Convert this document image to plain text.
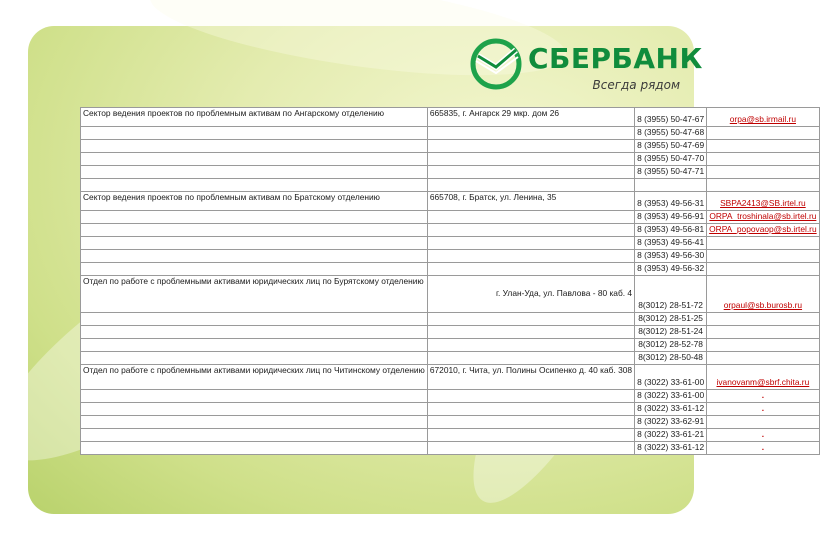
СБЕРБАНК
Всегда рядом
Сектор ведения проектов по проблемным активам по Ангарскому отделению	665835, г. Ангарск 29 мкр. дом 26	8 (3955) 50-47-67	orpa@sb.irmail.ru

		8 (3955) 50-47-68	
		8 (3955) 50-47-69	
		8 (3955) 50-47-70	
		8 (3955) 50-47-71	

Сектор ведения проектов по проблемным активам по Братскому отделению	665708, г. Братск, ул. Ленина, 35	8 (3953) 49-56-31	SBPA2413@SB.irtel.ru

		8 (3953) 49-56-91	ORPA_troshinala@sb.irtel.ru
		8 (3953) 49-56-81	ORPA_popovaop@sb.irtel.ru
		8 (3953) 49-56-41	
		8 (3953) 49-56-30	
		8 (3953) 49-56-32	
Отдел по работе с проблемными активами юридических лиц по Бурятскому отделению	г. Улан-Уда, ул. Павлова - 80 каб. 4	8(3012) 28-51-72	orpaul@sb.burosb.ru

		8(3012) 28-51-25	
		8(3012) 28-51-24	
		8(3012) 28-52-78	
		8(3012) 28-50-48	
Отдел по работе с проблемными активами юридических лиц по Читинскому отделению	672010, г. Чита, ул. Полины Осипенко д. 40 каб. 308	8 (3022) 33-61-00	ivanovanm@sbrf.chita.ru

		8 (3022) 33-61-00	.
		8 (3022) 33-61-12	.
		8 (3022) 33-62-91	
		8 (3022) 33-61-21	.
		8 (3022) 33-61-12	.
